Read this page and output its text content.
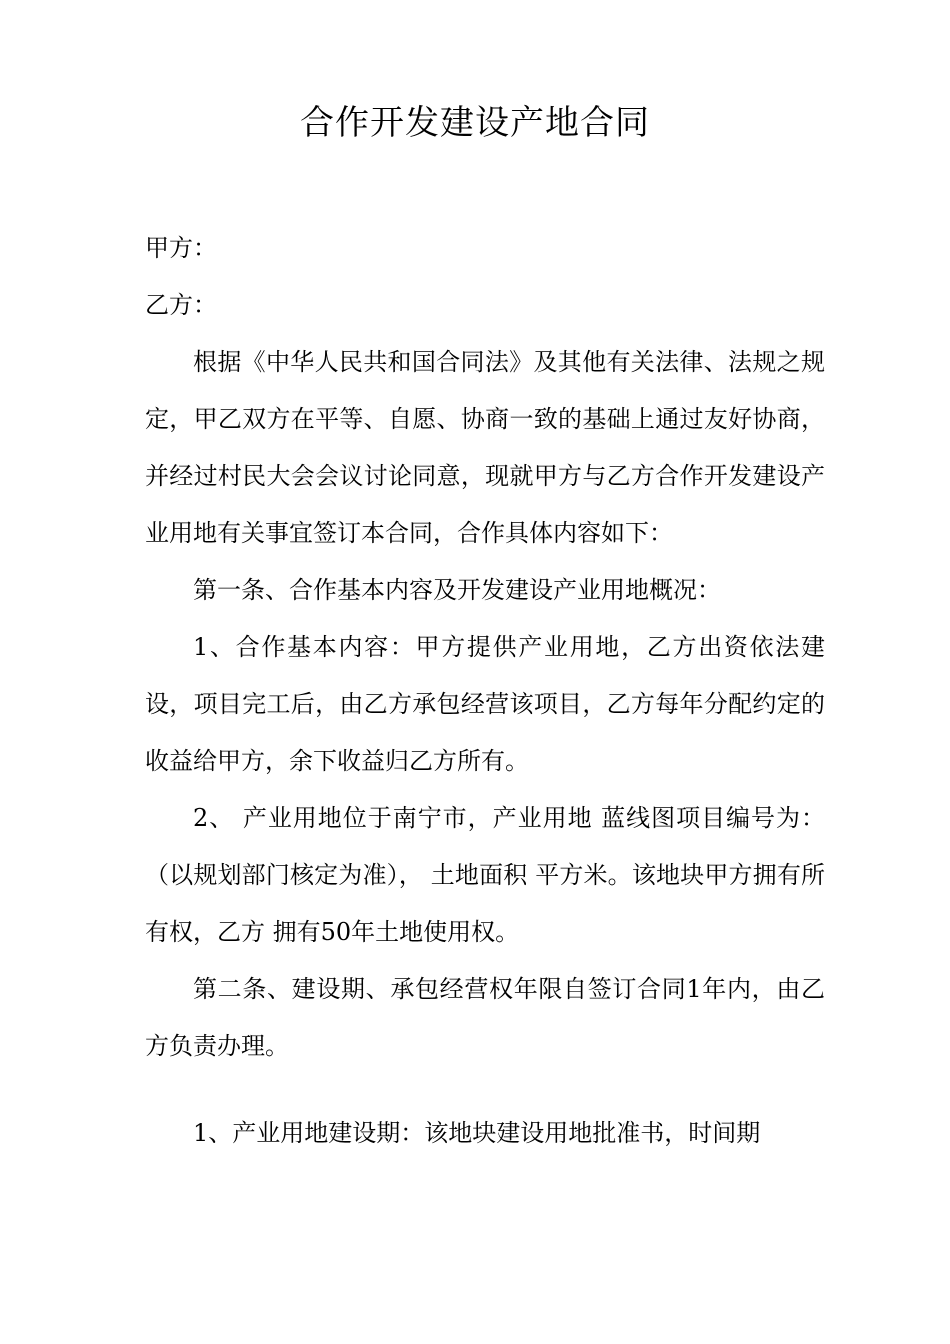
合作开发建设产地合同

甲方：

乙方：

根据《中华人民共和国合同法》及其他有关法律、法规之规定，甲乙双方在平等、自愿、协商一致的基础上通过友好协商，并经过村民大会会议讨论同意，现就甲方与乙方合作开发建设产业用地有关事宜签订本合同，合作具体内容如下：

第一条、合作基本内容及开发建设产业用地概况：

1、合作基本内容：甲方提供产业用地，乙方出资依法建设，项目完工后，由乙方承包经营该项目，乙方每年分配约定的收益给甲方，余下收益归乙方所有。

2、 产业用地位于南宁市，产业用地 蓝线图项目编号为： （以规划部门核定为准）， 土地面积 平方米。该地块甲方拥有所有权，乙方 拥有50年土地使用权。

第二条、建设期、承包经营权年限自签订合同1年内，由乙方负责办理。

1、产业用地建设期：该地块建设用地批准书，时间期
